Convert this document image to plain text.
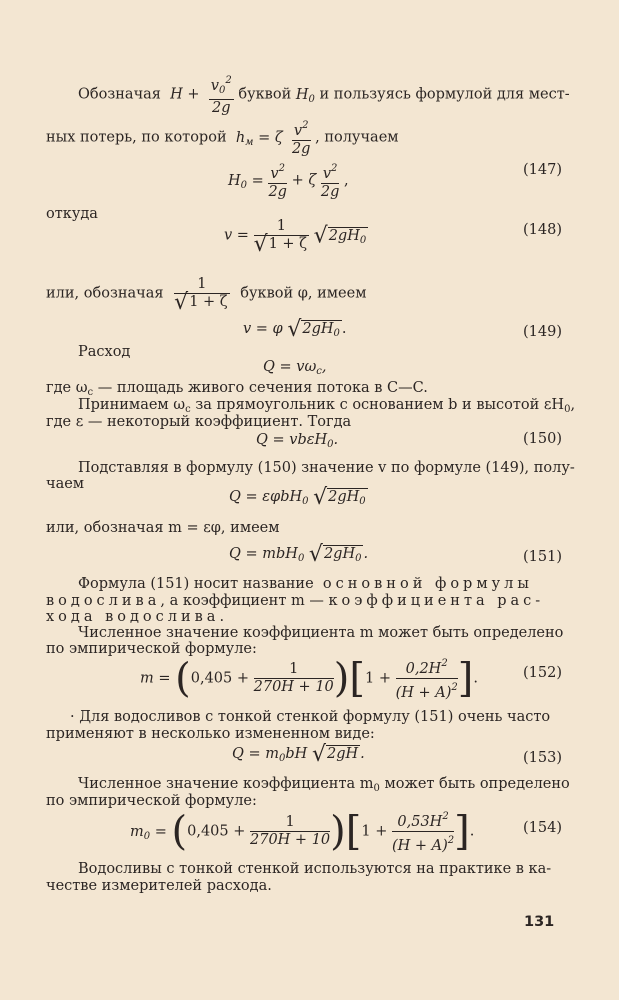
Обозначая  $H + \frac{v_0^2}{2g}$ буквой $H_0$ и пользуясь формулой для мест-
ных потерь, по которой  $h_м = \zeta \frac{v^2}{2g}$ , получаем
$H_0 = \frac{v^2}{2g} + \zeta \frac{v^2}{2g}$ ,
(147)
откуда
$v = \frac{1}{√1 + \zeta} √2gH_0$
(148)
или, обозначая $\frac{1}{√1 + \zeta}$ буквой φ, имеем
v = φ $√2gH_0$ .	(149)
Расход
$Q = v\omega_c$,
где $\omega_c$ — площадь живого сечения потока в C—C.
Принимаем $\omega_c$ за прямоугольник с основанием b и высотой $\varepsilon H_0$,
где ε — некоторый коэффициент. Тогда
Q = vbεH$_0$.	(150)
Подставляя в формулу (150) значение v по формуле (149), полу-
чаем
Q = εφbH$_0$ $√2gH_0$
или, обозначая m = εφ, имеем
Q = mbH$_0$ $√2gH_0$ .	(151)
Формула (151) носит название основной формулы
водослива, а коэффициент m — коэффициента рас-
хода водослива.
Численное значение коэффициента m может быть определено
по эмпирической формуле:
$m = (0,405 + \frac{1}{270H + 10} )[1 + \frac{0,2H^2}{(H + A)^2}$ ].	(152)
· Для водосливов с тонкой стенкой формулу (151) очень часто
применяют в несколько измененном виде:
$Q = m_0bH$ √2gH .	(153)
Численное значение коэффициента $m_0$ может быть определено
по эмпирической формуле:
$m_0 = (0,405 + \frac{1}{270H + 10} )[1 + \frac{0,53H^2}{(H + A)^2}$ ].	(154)
Водосливы с тонкой стенкой используются на практике в ка-
честве измерителей расхода.
131
